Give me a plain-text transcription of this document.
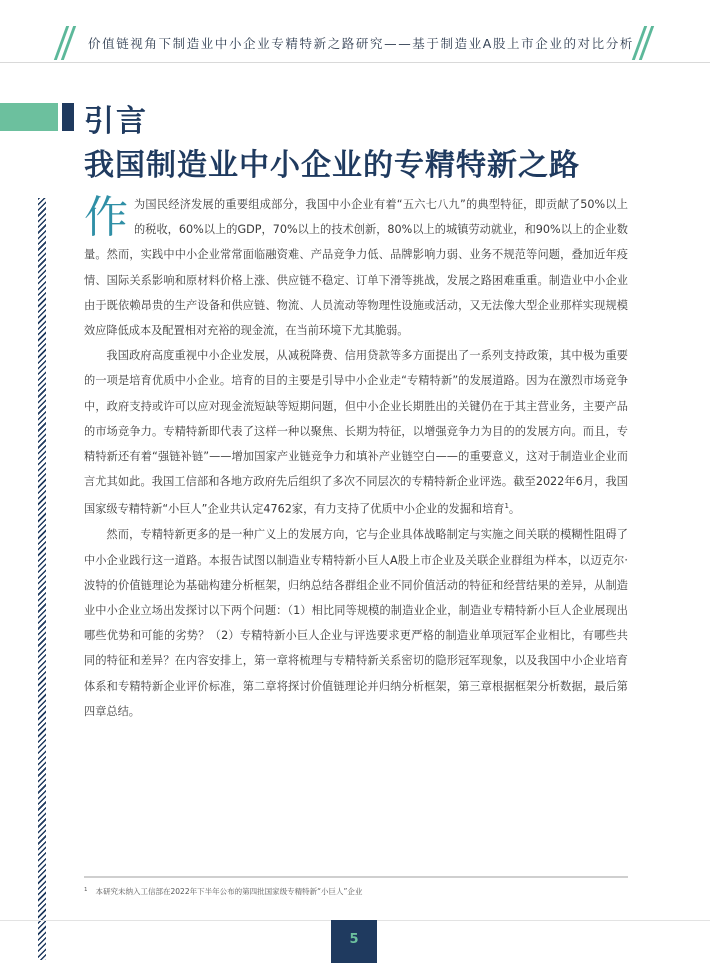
价值链视角下制造业中小企业专精特新之路研究——基于制造业A股上市企业的对比分析
引言
我国制造业中小企业的专精特新之路

作为国民经济发展的重要组成部分，我国中小企业有着“五六七八九”的典型特征，即贡献了50%以上的税收，60%以上的GDP，70%以上的技术创新，80%以上的城镇劳动就业，和90%以上的企业数量。然而，实践中中小企业常常面临融资难、产品竞争力低、品牌影响力弱、业务不规范等问题，叠加近年疫情、国际关系影响和原材料价格上涨、供应链不稳定、订单下滑等挑战，发展之路困难重重。制造业中小企业由于既依赖昂贵的生产设备和供应链、物流、人员流动等物理性设施或活动，又无法像大型企业那样实现规模效应降低成本及配置相对充裕的现金流，在当前环境下尤其脆弱。

我国政府高度重视中小企业发展，从减税降费、信用贷款等多方面提出了一系列支持政策，其中极为重要的一项是培育优质中小企业。培育的目的主要是引导中小企业走“专精特新”的发展道路。因为在激烈市场竞争中，政府支持或许可以应对现金流短缺等短期问题，但中小企业长期胜出的关键仍在于其主营业务，主要产品的市场竞争力。专精特新即代表了这样一种以聚焦、长期为特征，以增强竞争力为目的的发展方向。而且，专精特新还有着“强链补链”——增加国家产业链竞争力和填补产业链空白——的重要意义，这对于制造业企业而言尤其如此。我国工信部和各地方政府先后组织了多次不同层次的专精特新企业评选。截至2022年6月，我国国家级专精特新“小巨人”企业共认定4762家，有力支持了优质中小企业的发掘和培育$^1$。

然而，专精特新更多的是一种广义上的发展方向，它与企业具体战略制定与实施之间关联的模糊性阻碍了中小企业践行这一道路。本报告试图以制造业专精特新小巨人A股上市企业及关联企业群组为样本，以迈克尔·波特的价值链理论为基础构建分析框架，归纳总结各群组企业不同价值活动的特征和经营结果的差异，从制造业中小企业立场出发探讨以下两个问题：（1）相比同等规模的制造业企业，制造业专精特新小巨人企业展现出哪些优势和可能的劣势？（2）专精特新小巨人企业与评选要求更严格的制造业单项冠军企业相比，有哪些共同的特征和差异？在内容安排上，第一章将梳理与专精特新关系密切的隐形冠军现象，以及我国中小企业培育体系和专精特新企业评价标准，第二章将探讨价值链理论并归纳分析框架，第三章根据框架分析数据，最后第四章总结。

$^1$ 本研究未纳入工信部在2022年下半年公布的第四批国家级专精特新“小巨人”企业
5
